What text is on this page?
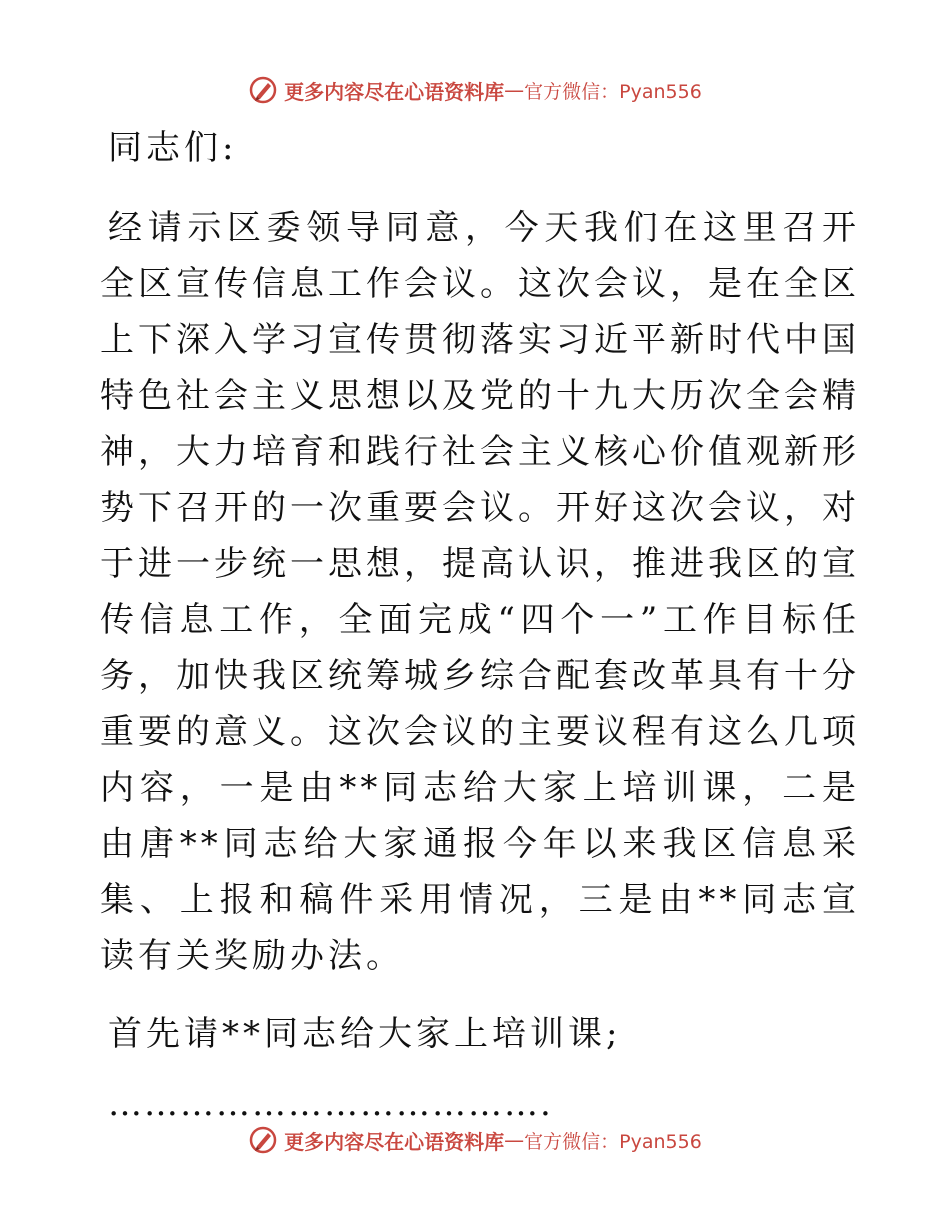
更多内容尽在心语资料库 — 官方微信：Pyan556

同志们:

经请示区委领导同意，今天我们在这里召开全区宣传信息工作会议。这次会议，是在全区上下深入学习宣传贯彻落实习近平新时代中国特色社会主义思想以及党的十九大历次全会精神，大力培育和践行社会主义核心价值观新形势下召开的一次重要会议。开好这次会议，对于进一步统一思想，提高认识，推进我区的宣传信息工作，全面完成“四个一”工作目标任务，加快我区统筹城乡综合配套改革具有十分重要的意义。这次会议的主要议程有这么几项内容，一是由**同志给大家上培训课，二是由唐**同志给大家通报今年以来我区信息采集、上报和稿件采用情况，三是由**同志宣读有关奖励办法。

首先请**同志给大家上培训课;

……………………………….

更多内容尽在心语资料库 — 官方微信：Pyan556
